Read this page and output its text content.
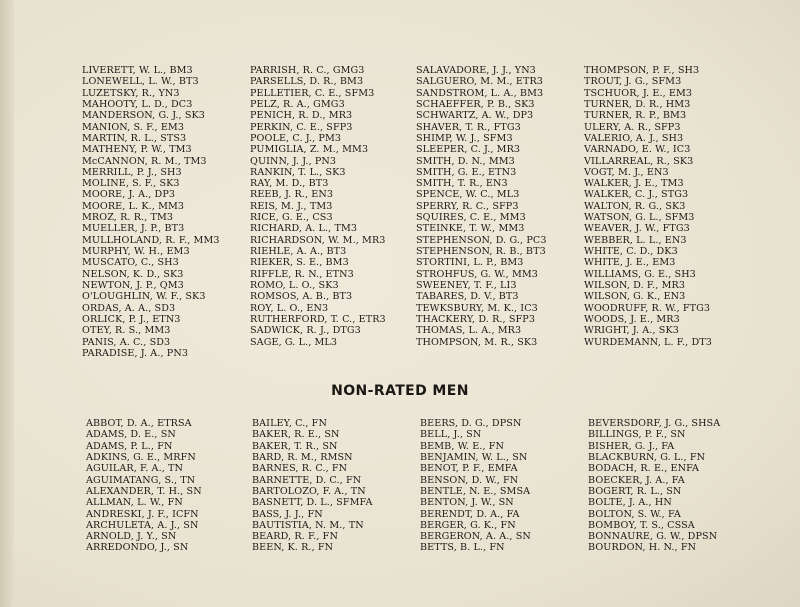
LIVERETT, W. L., BM3
LONEWELL, L. W., BT3
LUZETSKY, R., YN3
MAHOOTY, L. D., DC3
MANDERSON, G. J., SK3
MANION, S. F., EM3
MARTIN, R. L., STS3
MATHENY, P. W., TM3
McCANNON, R. M., TM3
MERRILL, P. J., SH3
MOLINE, S. F., SK3
MOORE, J. A., DP3
MOORE, L. K., MM3
MROZ, R. R., TM3
MUELLER, J. P., BT3
MULLHOLAND, R. F., MM3
MURPHY, W. H., EM3
MUSCATO, C., SH3
NELSON, K. D., SK3
NEWTON, J. P., QM3
O'LOUGHLIN, W. F., SK3
ORDAS, A. A., SD3
ORLICK, P. J., ETN3
OTEY, R. S., MM3
PANIS, A. C., SD3
PARADISE, J. A., PN3
PARRISH, R. C., GMG3
PARSELLS, D. R., BM3
PELLETIER, C. E., SFM3
PELZ, R. A., GMG3
PENICH, R. D., MR3
PERKIN, C. E., SFP3
POOLE, C. J., PM3
PUMIGLIA, Z. M., MM3
QUINN, J. J., PN3
RANKIN, T. L., SK3
RAY, M. D., BT3
REEB, J. R., EN3
REIS, M. J., TM3
RICE, G. E., CS3
RICHARD, A. L., TM3
RICHARDSON, W. M., MR3
RIEHLE, A. A., BT3
RIEKER, S. E., BM3
RIFFLE, R. N., ETN3
ROMO, L. O., SK3
ROMSOS, A. B., BT3
ROY, L. O., EN3
RUTHERFORD, T. C., ETR3
SADWICK, R. J., DTG3
SAGE, G. L., ML3
SALAVADORE, J. J., YN3
SALGUERO, M. M., ETR3
SANDSTROM, L. A., BM3
SCHAEFFER, P. B., SK3
SCHWARTZ, A. W., DP3
SHAVER, T. R., FTG3
SHIMP, W. J., SFM3
SLEEPER, C. J., MR3
SMITH, D. N., MM3
SMITH, G. E., ETN3
SMITH, T. R., EN3
SPENCE, W. C., ML3
SPERRY, R. C., SFP3
SQUIRES, C. E., MM3
STEINKE, T. W., MM3
STEPHENSON, D. G., PC3
STEPHENSON, R. B., BT3
STORTINI, L. P., BM3
STROHFUS, G. W., MM3
SWEENEY, T. F., LI3
TABARES, D. V., BT3
TEWKSBURY, M. K., IC3
THACKERY, D. R., SFP3
THOMAS, L. A., MR3
THOMPSON, M. R., SK3
THOMPSON, P. F., SH3
TROUT, J. G., SFM3
TSCHUOR, J. E., EM3
TURNER, D. R., HM3
TURNER, R. P., BM3
ULERY, A. R., SFP3
VALERIO, A. J., SH3
VARNADO, E. W., IC3
VILLARREAL, R., SK3
VOGT, M. J., EN3
WALKER, J. E., TM3
WALKER, C. J., STG3
WALTON, R. G., SK3
WATSON, G. L., SFM3
WEAVER, J. W., FTG3
WEBBER, L. L., EN3
WHITE, C. D., DK3
WHITE, J. E., EM3
WILLIAMS, G. E., SH3
WILSON, D. F., MR3
WILSON, G. K., EN3
WOODRUFF, R. W., FTG3
WOODS, J. E., MR3
WRIGHT, J. A., SK3
WURDEMANN, L. F., DT3
NON-RATED MEN
ABBOT, D. A., ETRSA
ADAMS, D. E., SN
ADAMS, P. L., FN
ADKINS, G. E., MRFN
AGUILAR, F. A., TN
AGUIMATANG, S., TN
ALEXANDER, T. H., SN
ALLMAN, L. W., FN
ANDRESKI, J. F., ICFN
ARCHULETA, A. J., SN
ARNOLD, J. Y., SN
ARREDONDO, J., SN
BAILEY, C., FN
BAKER, R. E., SN
BAKER, T. R., SN
BARD, R. M., RMSN
BARNES, R. C., FN
BARNETTE, D. C., FN
BARTOLOZO, F. A., TN
BASNETT, D. L., SFMFA
BASS, J. J., FN
BAUTISTIA, N. M., TN
BEARD, R. F., FN
BEEN, K. R., FN
BEERS, D. G., DPSN
BELL, J., SN
BEMB, W. E., FN
BENJAMIN, W. L., SN
BENOT, P. F., EMFA
BENSON, D. W., FN
BENTLE, N. E., SMSA
BENTON, J. W., SN
BERENDT, D. A., FA
BERGER, G. K., FN
BERGERON, A. A., SN
BETTS, B. L., FN
BEVERSDORF, J. G., SHSA
BILLINGS, P. F., SN
BISHER, G. J., FA
BLACKBURN, G. L., FN
BODACH, R. E., ENFA
BOECKER, J. A., FA
BOGERT, R. L., SN
BOLTE, J. A., HN
BOLTON, S. W., FA
BOMBOY, T. S., CSSA
BONNAURE, G. W., DPSN
BOURDON, H. N., FN
